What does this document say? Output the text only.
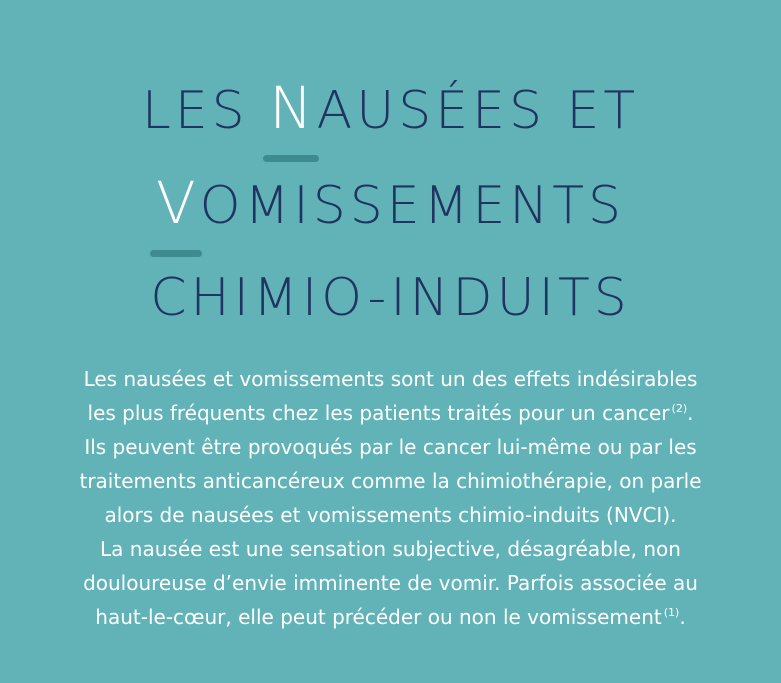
LES NAUSÉES ET
VOMISSEMENTS
CHIMIO-INDUITS

Les nausées et vomissements sont un des effets indésirables
les plus fréquents chez les patients traités pour un cancer $^{(2)}$.
Ils peuvent être provoqués par le cancer lui-même ou par les
traitements anticancéreux comme la chimiothérapie, on parle
alors de nausées et vomissements chimio-induits (NVCI).
La nausée est une sensation subjective, désagréable, non
douloureuse d’envie imminente de vomir. Parfois associée au
haut-le-cœur, elle peut précéder ou non le vomissement $^{(1)}$.
